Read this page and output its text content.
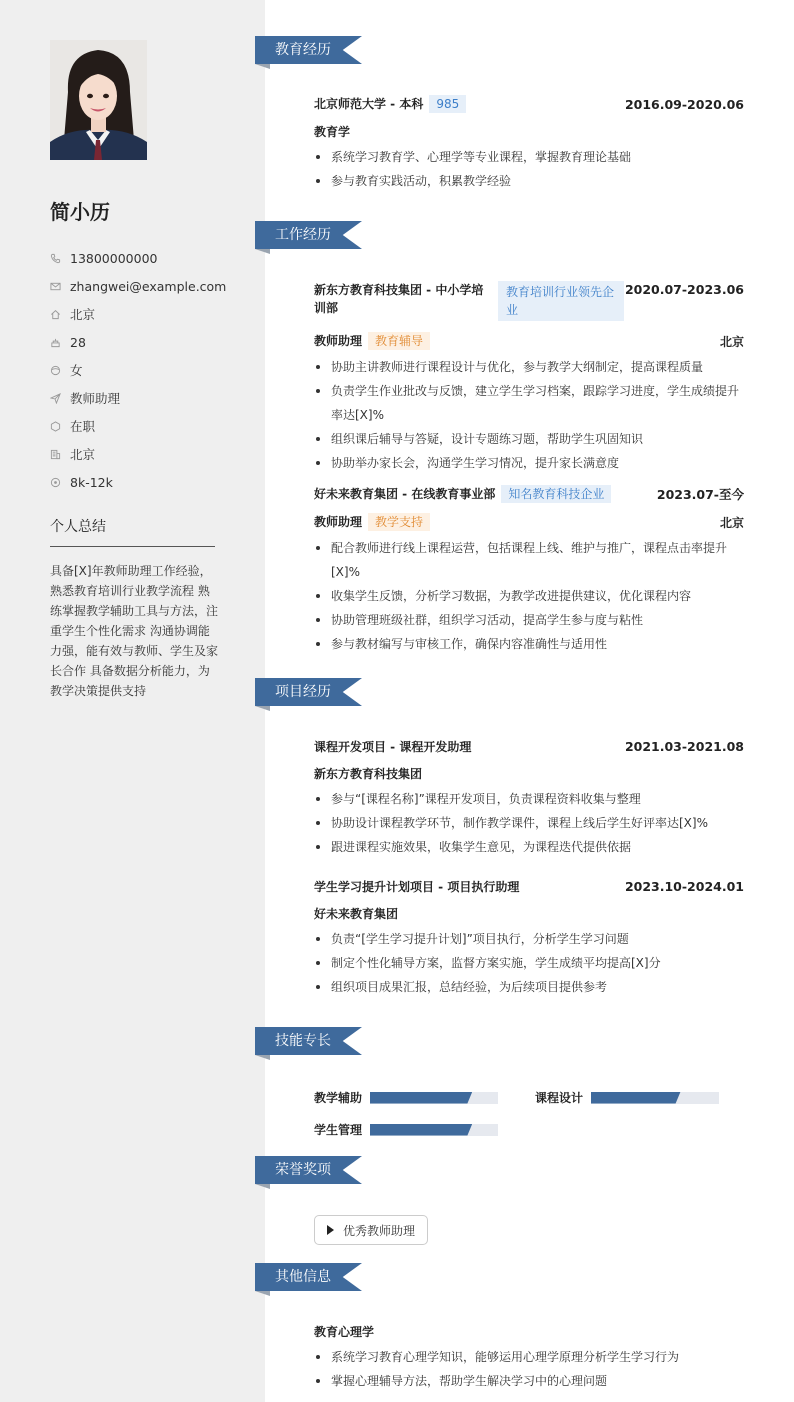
简小历
13800000000
zhangwei@example.com
北京
28
女
教师助理
在职
北京
8k-12k
个人总结
具备[X]年教师助理工作经验，熟悉教育培训行业教学流程 熟练掌握教学辅助工具与方法，注重学生个性化需求 沟通协调能力强，能有效与教师、学生及家长合作 具备数据分析能力，为教学决策提供支持
教育经历
北京师范大学 - 本科 985	2016.09-2020.06
教育学
系统学习教育学、心理学等专业课程，掌握教育理论基础
参与教育实践活动，积累教学经验
工作经历
新东方教育科技集团 - 中小学培训部
教育培训行业领先企业
2020.07-2023.06
教师助理 教育辅导	北京
协助主讲教师进行课程设计与优化，参与教学大纲制定，提高课程质量
负责学生作业批改与反馈，建立学生学习档案，跟踪学习进度，学生成绩提升率达[X]%
组织课后辅导与答疑，设计专题练习题，帮助学生巩固知识
协助举办家长会，沟通学生学习情况，提升家长满意度
好未来教育集团 - 在线教育事业部 知名教育科技企业	2023.07-至今
教师助理 教学支持	北京
配合教师进行线上课程运营，包括课程上线、维护与推广，课程点击率提升[X]%
收集学生反馈，分析学习数据，为教学改进提供建议，优化课程内容
协助管理班级社群，组织学习活动，提高学生参与度与粘性
参与教材编写与审核工作，确保内容准确性与适用性
项目经历
课程开发项目 - 课程开发助理	2021.03-2021.08
新东方教育科技集团
参与“[课程名称]”课程开发项目，负责课程资料收集与整理
协助设计课程教学环节，制作教学课件，课程上线后学生好评率达[X]%
跟进课程实施效果，收集学生意见，为课程迭代提供依据
学生学习提升计划项目 - 项目执行助理	2023.10-2024.01
好未来教育集团
负责“[学生学习提升计划]”项目执行，分析学生学习问题
制定个性化辅导方案，监督方案实施，学生成绩平均提高[X]分
组织项目成果汇报，总结经验，为后续项目提供参考
技能专长
教学辅助	课程设计
学生管理
荣誉奖项
优秀教师助理
其他信息
教育心理学
系统学习教育心理学知识，能够运用心理学原理分析学生学习行为
掌握心理辅导方法，帮助学生解决学习中的心理问题
